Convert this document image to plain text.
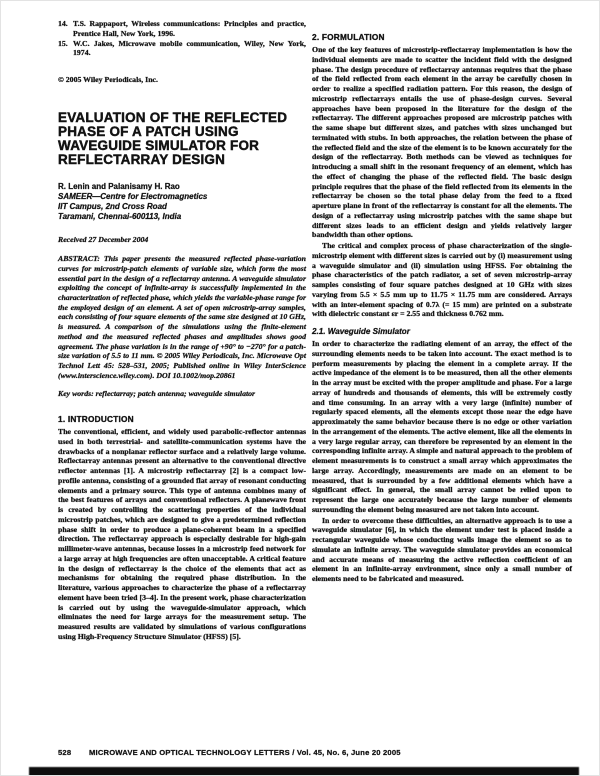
14. T.S. Rappaport, Wireless communications: Principles and practice, Prentice Hall, New York, 1996.
15. W.C. Jakes, Microwave mobile communication, Wiley, New York, 1974.
© 2005 Wiley Periodicals, Inc.
EVALUATION OF THE REFLECTED
PHASE OF A PATCH USING
WAVEGUIDE SIMULATOR FOR
REFLECTARRAY DESIGN
R. Lenin and Palanisamy H. Rao
SAMEER—Centre for Electromagnetics
IIT Campus, 2nd Cross Road
Taramani, Chennai-600113, India
Received 27 December 2004
ABSTRACT: This paper presents the measured reflected phase-variation curves for microstrip-patch elements of variable size, which form the most essential part in the design of a reflectarray antenna. A waveguide simulator exploiting the concept of infinite-array is successfully implemented in the characterization of reflected phase, which yields the variable-phase range for the employed design of an element. A set of open microstrip-array samples, each consisting of four square elements of the same size designed at 10 GHz, is measured. A comparison of the simulations using the finite-element method and the measured reflected phases and amplitudes shows good agreement. The phase variation is in the range of +90° to −270° for a patch-size variation of 5.5 to 11 mm. © 2005 Wiley Periodicals, Inc. Microwave Opt Technol Lett 45: 528–531, 2005; Published online in Wiley InterScience (www.interscience.wiley.com). DOI 10.1002/mop.20861
Key words: reflectarray; patch antenna; waveguide simulator
1. INTRODUCTION

The conventional, efficient, and widely used parabolic-reflector antennas used in both terrestrial- and satellite-communication systems have the drawbacks of a nonplanar reflector surface and a relatively large volume. Reflectarray antennas present an alternative to the conventional directive reflector antennas [1]. A microstrip reflectarray [2] is a compact low-profile antenna, consisting of a grounded flat array of resonant conducting elements and a primary source. This type of antenna combines many of the best features of arrays and conventional reflectors. A planewave front is created by controlling the scattering properties of the individual microstrip patches, which are designed to give a predetermined reflection phase shift in order to produce a plane-coherent beam in a specified direction. The reflectarray approach is especially desirable for high-gain millimeter-wave antennas, because losses in a microstrip feed network for a large array at high frequencies are often unacceptable. A critical feature in the design of reflectarray is the choice of the elements that act as mechanisms for obtaining the required phase distribution. In the literature, various approaches to characterize the phase of a reflectarray element have been tried [3–4]. In the present work, phase characterization is carried out by using the waveguide-simulator approach, which eliminates the need for large arrays for the measurement setup. The measured results are validated by simulations of various configurations using High-Frequency Structure Simulator (HFSS) [5].

2. FORMULATION

One of the key features of microstrip-reflectarray implementation is how the individual elements are made to scatter the incident field with the designed phase. The design procedure of reflectarray antennas requires that the phase of the field reflected from each element in the array be carefully chosen in order to realize a specified radiation pattern. For this reason, the design of microstrip reflectarrays entails the use of phase-design curves. Several approaches have been proposed in the literature for the design of the reflectarray. The different approaches proposed are microstrip patches with the same shape but different sizes, and patches with sizes unchanged but terminated with stubs. In both approaches, the relation between the phase of the reflected field and the size of the element is to be known accurately for the design of the reflectarray. Both methods can be viewed as techniques for introducing a small shift in the resonant frequency of an element, which has the effect of changing the phase of the reflected field. The basic design principle requires that the phase of the field reflected from its elements in the reflectarray be chosen so the total phase delay from the feed to a fixed aperture plane in front of the reflectarray is constant for all the elements. The design of a reflectarray using microstrip patches with the same shape but different sizes leads to an efficient design and yields relatively larger bandwidth than other options.

The critical and complex process of phase characterization of the single-microstrip element with different sizes is carried out by (i) measurement using a waveguide simulator and (ii) simulation using HFSS. For obtaining the phase characteristics of the patch radiator, a set of seven microstrip-array samples consisting of four square patches designed at 10 GHz with sizes varying from 5.5 × 5.5 mm up to 11.75 × 11.75 mm are considered. Arrays with an inter-element spacing of 0.7λ (= 15 mm) are printed on a substrate with dielectric constant εr = 2.55 and thickness 0.762 mm.

2.1. Waveguide Simulator

In order to characterize the radiating element of an array, the effect of the surrounding elements needs to be taken into account. The exact method is to perform measurements by placing the element in a complete array. If the active impedance of the element is to be measured, then all the other elements in the array must be excited with the proper amplitude and phase. For a large array of hundreds and thousands of elements, this will be extremely costly and time consuming. In an array with a very large (infinite) number of regularly spaced elements, all the elements except those near the edge have approximately the same behavior because there is no edge or other variation in the arrangement of the elements. The active element, like all the elements in a very large regular array, can therefore be represented by an element in the corresponding infinite array. A simple and natural approach to the problem of element measurements is to construct a small array which approximates the large array. Accordingly, measurements are made on an element to be measured, that is surrounded by a few additional elements which have a significant effect. In general, the small array cannot be relied upon to represent the large one accurately because the large number of elements surrounding the element being measured are not taken into account.

In order to overcome these difficulties, an alternative approach is to use a waveguide simulator [6], in which the element under test is placed inside a rectangular waveguide whose conducting walls image the element so as to simulate an infinite array. The waveguide simulator provides an economical and accurate means of measuring the active reflection coefficient of an element in an infinite-array environment, since only a small number of elements need to be fabricated and measured.

528	MICROWAVE AND OPTICAL TECHNOLOGY LETTERS / Vol. 45, No. 6, June 20 2005
